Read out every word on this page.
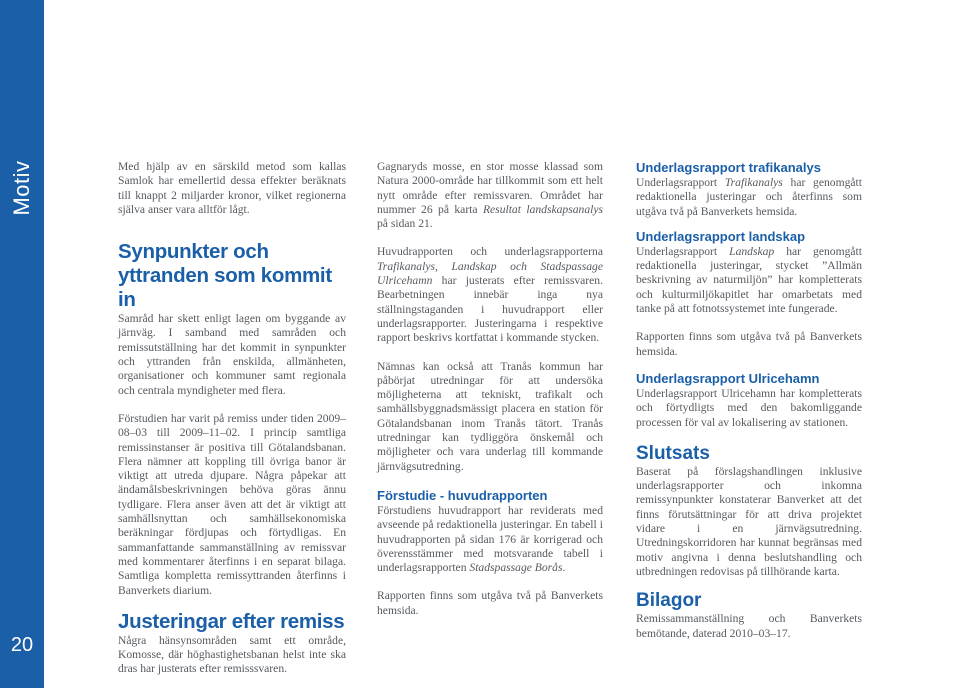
Motiv
20

Med hjälp av en särskild metod som kallas Samlok har emellertid dessa effekter beräknats till knappt 2 miljarder kronor, vilket regionerna själva anser vara alltför lågt.

Synpunkter och yttranden som kommit in

Samråd har skett enligt lagen om byggande av järnväg. I samband med samråden och remissutställning har det kommit in synpunkter och yttranden från enskilda, allmänheten, organisationer och kommuner samt regionala och centrala myndigheter med flera.

Förstudien har varit på remiss under tiden 2009–08–03 till 2009–11–02. I princip samtliga remissinstanser är positiva till Götalandsbanan. Flera nämner att koppling till övriga banor är viktigt att utreda djupare. Några påpekar att ändamålsbeskrivningen behöva göras ännu tydligare. Flera anser även att det är viktigt att samhällsnyttan och samhällsekonomiska beräkningar fördjupas och förtydligas. En sammanfattande sammanställning av remissvar med kommentarer återfinns i en separat bilaga. Samtliga kompletta remissyttranden återfinns i Banverkets diarium.

Justeringar efter remiss

Några hänsynsområden samt ett område, Komosse, där höghastighetsbanan helst inte ska dras har justerats efter remisssvaren.

Gagnaryds mosse, en stor mosse klassad som Natura 2000-område har tillkommit som ett helt nytt område efter remissvaren. Området har nummer 26 på karta Resultat landskapsanalys på sidan 21.

Huvudrapporten och underlagsrapporterna Trafikanalys, Landskap och Stadspassage Ulricehamn har justerats efter remissvaren. Bearbetningen innebär inga nya ställningstaganden i huvudrapport eller underlagsrapporter. Justeringarna i respektive rapport beskrivs kortfattat i kommande stycken.

Nämnas kan också att Tranås kommun har påbörjat utredningar för att undersöka möjligheterna att tekniskt, trafikalt och samhällsbyggnadsmässigt placera en station för Götalandsbanan inom Tranås tätort. Tranås utredningar kan tydliggöra önskemål och möjligheter och vara underlag till kommande järnvägsutredning.

Förstudie - huvudrapporten

Förstudiens huvudrapport har reviderats med avseende på redaktionella justeringar. En tabell i huvudrapporten på sidan 176 är korrigerad och överensstämmer med motsvarande tabell i underlagsrapporten Stadspassage Borås.

Rapporten finns som utgåva två på Banverkets hemsida.

Underlagsrapport trafikanalys

Underlagsrapport Trafikanalys har genomgått redaktionella justeringar och återfinns som utgåva två på Banverkets hemsida.

Underlagsrapport landskap

Underlagsrapport Landskap har genomgått redaktionella justeringar, stycket ”Allmän beskrivning av naturmiljön” har kompletterats och kulturmiljökapitlet har omarbetats med tanke på att fotnotssystemet inte fungerade.

Rapporten finns som utgåva två på Banverkets hemsida.

Underlagsrapport Ulricehamn

Underlagsrapport Ulricehamn har kompletterats och förtydligts med den bakomliggande processen för val av lokalisering av stationen.

Slutsats

Baserat på förslagshandlingen inklusive underlagsrapporter och inkomna remissynpunkter konstaterar Banverket att det finns förutsättningar för att driva projektet vidare i en järnvägsutredning. Utredningskorridoren har kunnat begränsas med motiv angivna i denna beslutshandling och utbredningen redovisas på tillhörande karta.

Bilagor

Remissammanställning och Banverkets bemötande, daterad 2010–03–17.
